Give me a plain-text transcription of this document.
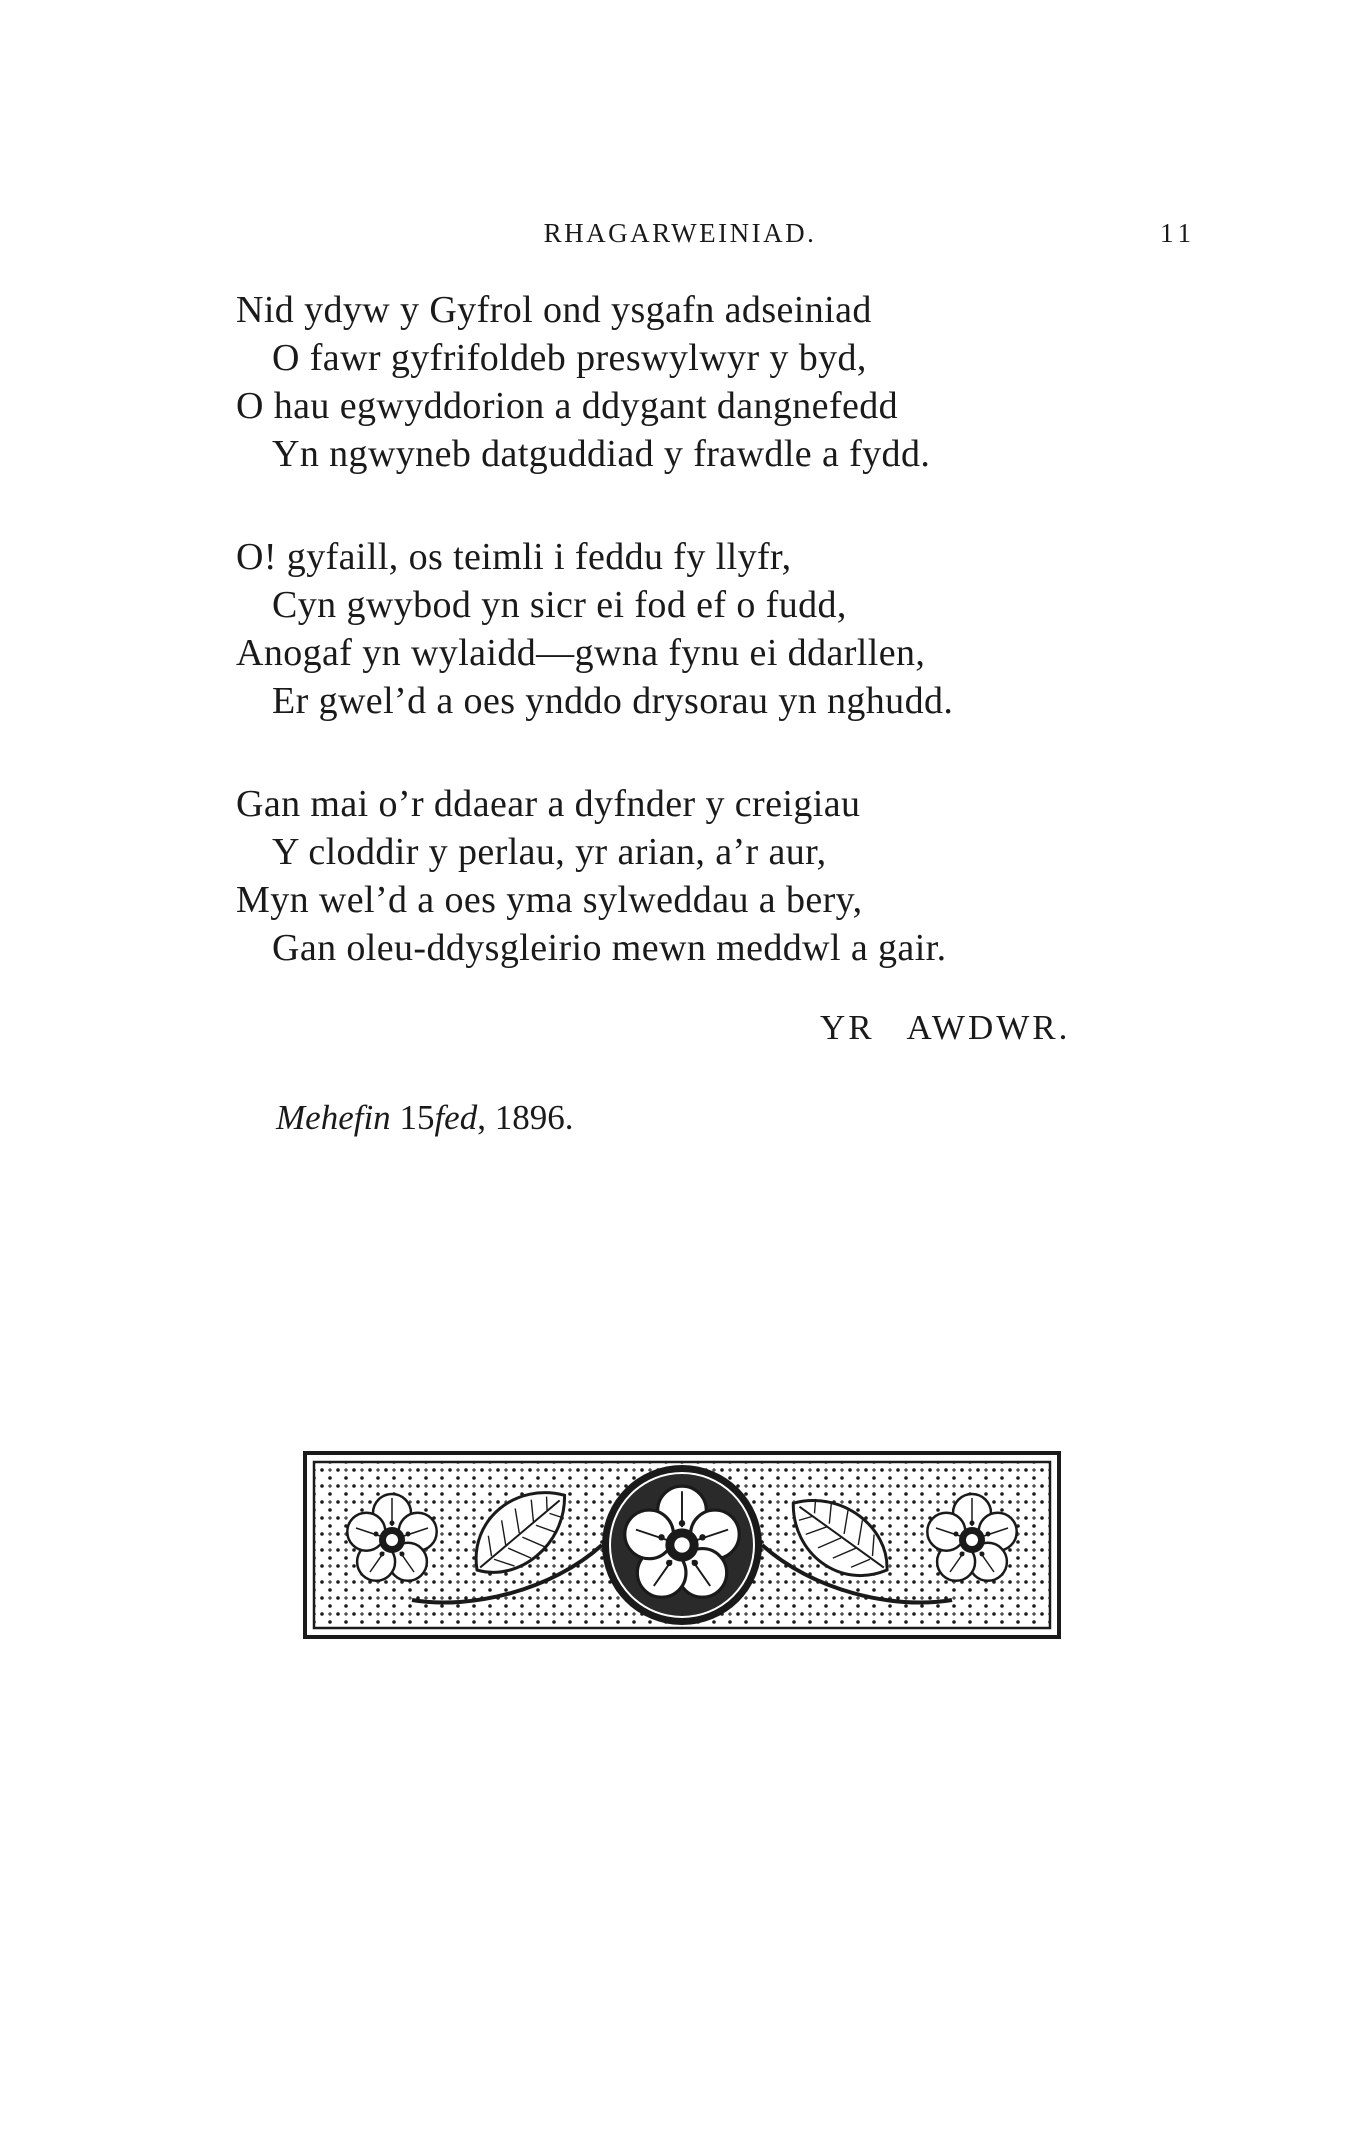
RHAGARWEINIAD.	11
Nid ydyw y Gyfrol ond ysgafn adseiniad
O fawr gyfrifoldeb preswylwyr y byd,
O hau egwyddorion a ddygant dangnefedd
Yn ngwyneb datguddiad y frawdle a fydd.
O! gyfaill, os teimli i feddu fy llyfr,
Cyn gwybod yn sicr ei fod ef o fudd,
Anogaf yn wylaidd—gwna fynu ei ddarllen,
Er gwel’d a oes ynddo drysorau yn nghudd.
Gan mai o’r ddaear a dyfnder y creigiau
Y cloddir y perlau, yr arian, a’r aur,
Myn wel’d a oes yma sylweddau a bery,
Gan oleu-ddysgleirio mewn meddwl a gair.
YR AWDWR.
Mehefin 15fed, 1896.
